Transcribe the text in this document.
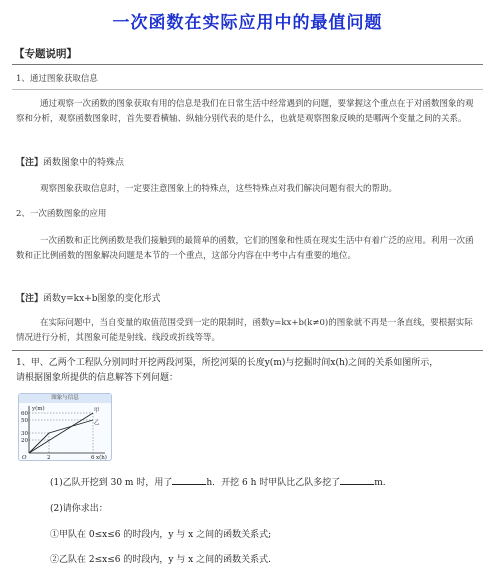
一次函数在实际应用中的最值问题
【专题说明】
1、通过图象获取信息
通过观察一次函数的图象获取有用的信息是我们在日常生活中经常遇到的问题，要掌握这个重点在于对函数图象的观察和分析，观察函数图象时，首先要看横轴、纵轴分别代表的是什么，也就是观察图象反映的是哪两个变量之间的关系。
【注】函数图象中的特殊点
观察图象获取信息时，一定要注意图象上的特殊点，这些特殊点对我们解决问题有很大的帮助。
2、一次函数图象的应用
一次函数和正比例函数是我们接触到的最简单的函数，它们的图象和性质在现实生活中有着广泛的应用。利用一次函数和正比例函数的图象解决问题是本节的一个重点，这部分内容在中考中占有重要的地位。
【注】函数y=kx+b图象的变化形式
在实际问题中，当自变量的取值范围受到一定的限制时，函数y=kx+b(k≠0)的图象就不再是一条直线，要根据实际情况进行分析，其图象可能是射线、线段或折线等等。
1、甲、乙两个工程队分别同时开挖两段河渠，所挖河渠的长度y(m)与挖掘时间x(h)之间的关系如图所示，
请根据图象所提供的信息解答下列问题：
图象与信息
y(m)
60
50
30
20
O	2	6 x(h)
甲
乙
(1)乙队开挖到 30 m 时，用了	h．开挖 6 h 时甲队比乙队多挖了	m.
(2)请你求出：
①甲队在 0≤x≤6 的时段内，y 与 x 之间的函数关系式;
②乙队在 2≤x≤6 的时段内，y 与 x 之间的函数关系式.
